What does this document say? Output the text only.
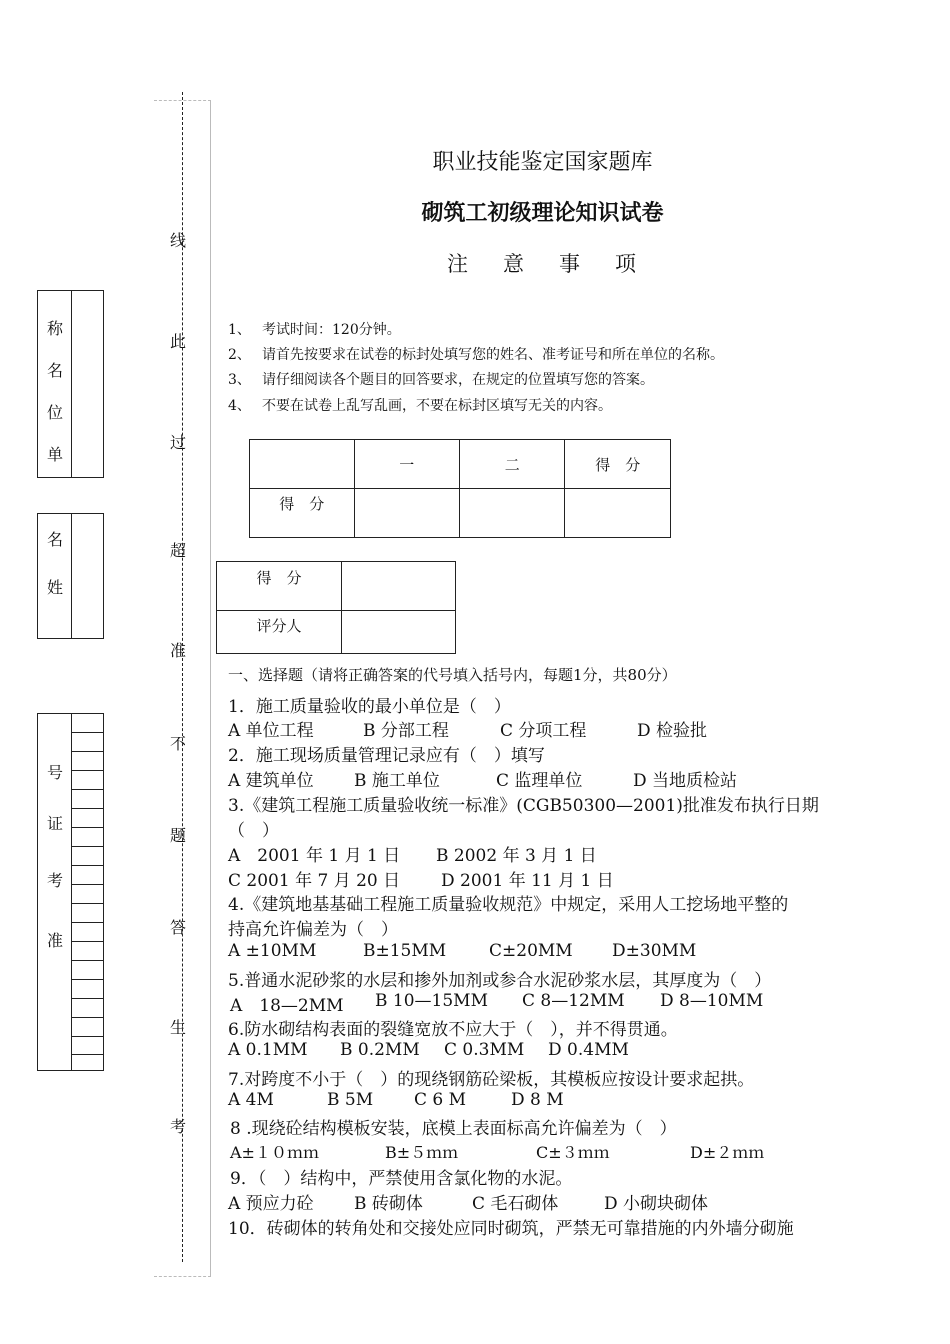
线
此
过
超
准
不
题
答
生
考
称
名
位
单
名
姓
号
证
考
准
职业技能鉴定国家题库
砌筑工初级理论知识试卷
注 意 事 项
1、 考试时间：120分钟。
2、 请首先按要求在试卷的标封处填写您的姓名、准考证号和所在单位的名称。
3、 请仔细阅读各个题目的回答要求，在规定的位置填写您的答案。
4、 不要在试卷上乱写乱画，不要在标封区填写无关的内容。
	一	二	得　分
得　分			
得　分	
评分人	
一、选择题（请将正确答案的代号填入括号内，每题1分，共80分）
1．施工质量验收的最小单位是（　）
A 单位工程	B 分部工程	C 分项工程	D 检验批
2．施工现场质量管理记录应有（　）填写
A 建筑单位 B 施工单位	C 监理单位	D 当地质检站
3.《建筑工程施工质量验收统一标准》(CGB50300—2001)批准发布执行日期
（　）
A　2001 年 1 月 1 日 B 2002 年 3 月 1 日
C 2001 年 7 月 20 日 D 2001 年 11 月 1 日
4.《建筑地基基础工程施工质量验收规范》中规定，采用人工挖场地平整的
持高允许偏差为（　）
A ±10MM	B±15MM	C±20MM D±30MM
5.普通水泥砂浆的水层和掺外加剂或参合水泥砂浆水层，其厚度为（　）
A　18—2MM B 10—15MM C 8—12MM D 8—10MM
6.防水砌结构表面的裂缝宽放不应大于（　），并不得贯通。
A 0.1MM B 0.2MM C 0.3MM D 0.4MM
7.对跨度不小于（　）的现绕钢筋砼梁板，其模板应按设计要求起拱。
A 4M	B 5M C 6 M	D 8 M
8 .现绕砼结构模板安装，底模上表面标高允许偏差为（　）
A±１０ｍｍ	B±５ｍｍ	C±３ｍｍ	D±２ｍｍ
9．（　）结构中，严禁使用含氯化物的水泥。
A 预应力砼 B 砖砌体	C 毛石砌体	D 小砌块砌体
10．砖砌体的转角处和交接处应同时砌筑，严禁无可靠措施的内外墙分砌施
